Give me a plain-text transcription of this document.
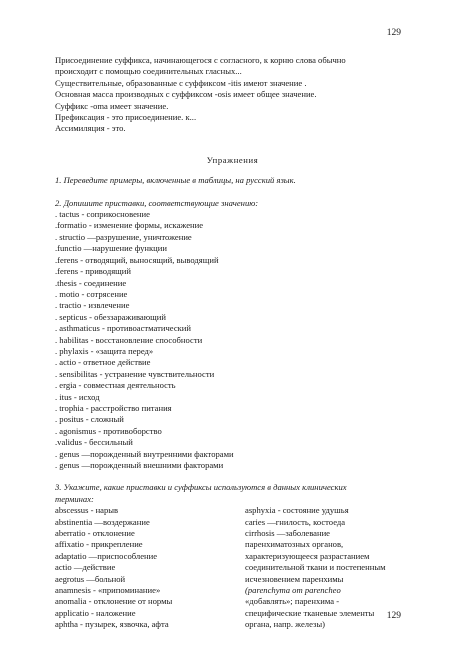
129
Присоединение суффикса, начинающегося с согласного, к корню слова обычно
происходит с помощью соединительных гласных...
Существительные, образованные с суффиксом -itis имеют значение .
Основная масса производных с суффиксом -osis имеет общее значение.
Суффикс -oma имеет значение.
Префиксация - это присоединение. к...
Ассимиляция - это.
Упражнения
1. Переведите примеры, включенные в таблицы, на русский язык.
2. Допишите приставки, соответствующие значению:
. tactus - соприкосновение
.formatio - изменение формы, искажение
. structio —разрушение, уничтожение
.functio —нарушение функции
.ferens - отводящий, выносящий, выводящий
.ferens - приводящий
.thesis - соединение
. motio - сотрясение
. tractio - извлечение
. septicus - обеззараживающий
. asthmaticus - противоастматический
. habilitas - восстановление способности
. phylaxis - «защита перед»
. actio - ответное действие
. sensibilitas - устранение чувствительности
. ergia - совместная деятельность
. itus - исход
. trophia - расстройство питания
. positus - сложный
. agonismus - противоборство
.validus - бессильный
. genus —порожденный внутренними факторами
. genus —порожденный внешними факторами
3. Укажите, какие приставки и суффиксы используются в данных клинических
терминах:
abscessus - нарыв
abstinentia —воздержание
aberratio - отклонение
affixatio - прикрепление
adaptatio —приспособление
actio —действие
aegrotus —больной
anamnesis - «припоминание»
anomalia - отклонение от нормы
applicatio - наложение
aphtha - пузырек, язвочка, афта
asphyxia - состояние удушья
caries —гнилость, костоеда
cirrhosis —заболевание
паренхиматозных органов,
характеризующееся разрастанием
соединительной ткани и постепенным
исчезновением паренхимы
(parenchyma от parencheo
«добавлять»; паренхима -
специфические тканевые элементы
органа, напр. железы)
129
